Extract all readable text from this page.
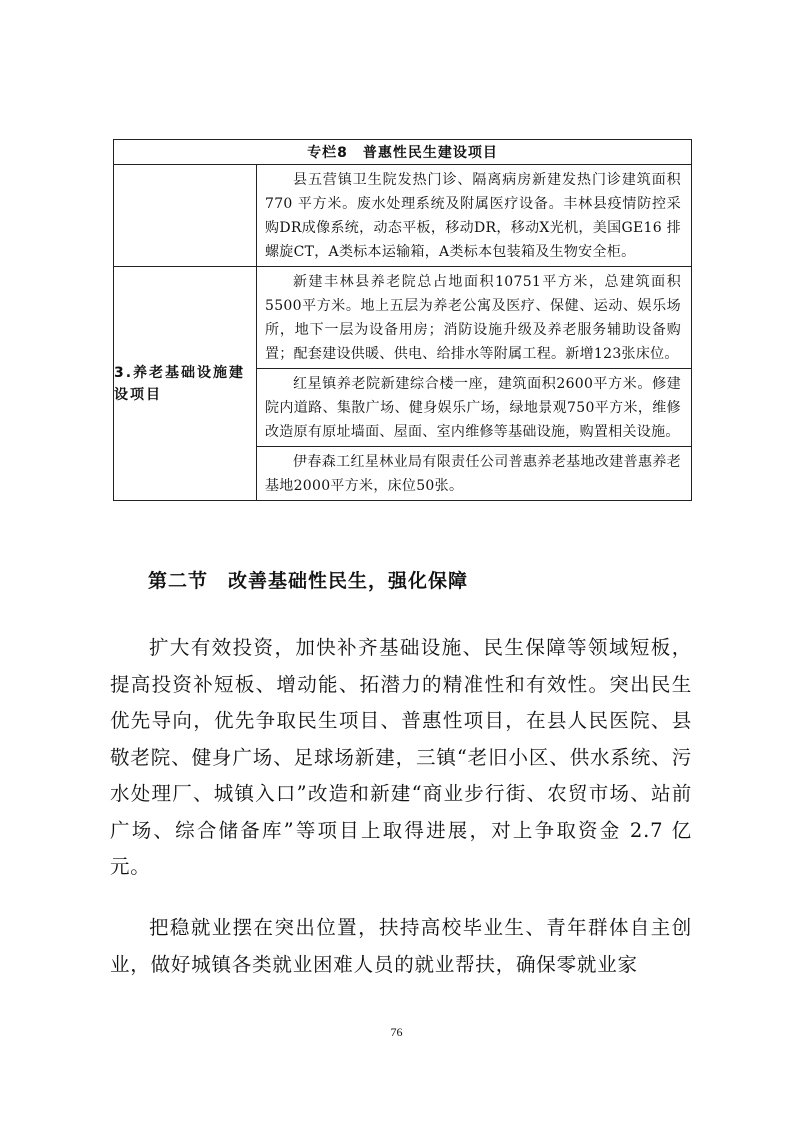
专栏8　普惠性民生建设项目	

	县五营镇卫生院发热门诊、隔离病房新建发热门诊建筑面积 770 平方米。废水处理系统及附属医疗设备。丰林县疫情防控采购DR成像系统，动态平板，移动DR，移动X光机，美国GE16 排螺旋CT，A类标本运输箱，A类标本包装箱及生物安全柜。

3.养老基础设施建设项目	新建丰林县养老院总占地面积10751平方米，总建筑面积5500平方米。地上五层为养老公寓及医疗、保健、运动、娱乐场所，地下一层为设备用房；消防设施升级及养老服务辅助设备购置；配套建设供暖、供电、给排水等附属工程。新增123张床位。

	红星镇养老院新建综合楼一座，建筑面积2600平方米。修建院内道路、集散广场、健身娱乐广场，绿地景观750平方米，维修改造原有原址墙面、屋面、室内维修等基础设施，购置相关设施。

	伊春森工红星林业局有限责任公司普惠养老基地改建普惠养老基地2000平方米，床位50张。
第二节　改善基础性民生，强化保障

扩大有效投资，加快补齐基础设施、民生保障等领域短板，提高投资补短板、增动能、拓潜力的精准性和有效性。突出民生优先导向，优先争取民生项目、普惠性项目，在县人民医院、县敬老院、健身广场、足球场新建，三镇“老旧小区、供水系统、污水处理厂、城镇入口”改造和新建“商业步行街、农贸市场、站前广场、综合储备库”等项目上取得进展，对上争取资金 2.7 亿元。

把稳就业摆在突出位置，扶持高校毕业生、青年群体自主创业，做好城镇各类就业困难人员的就业帮扶，确保零就业家

76
